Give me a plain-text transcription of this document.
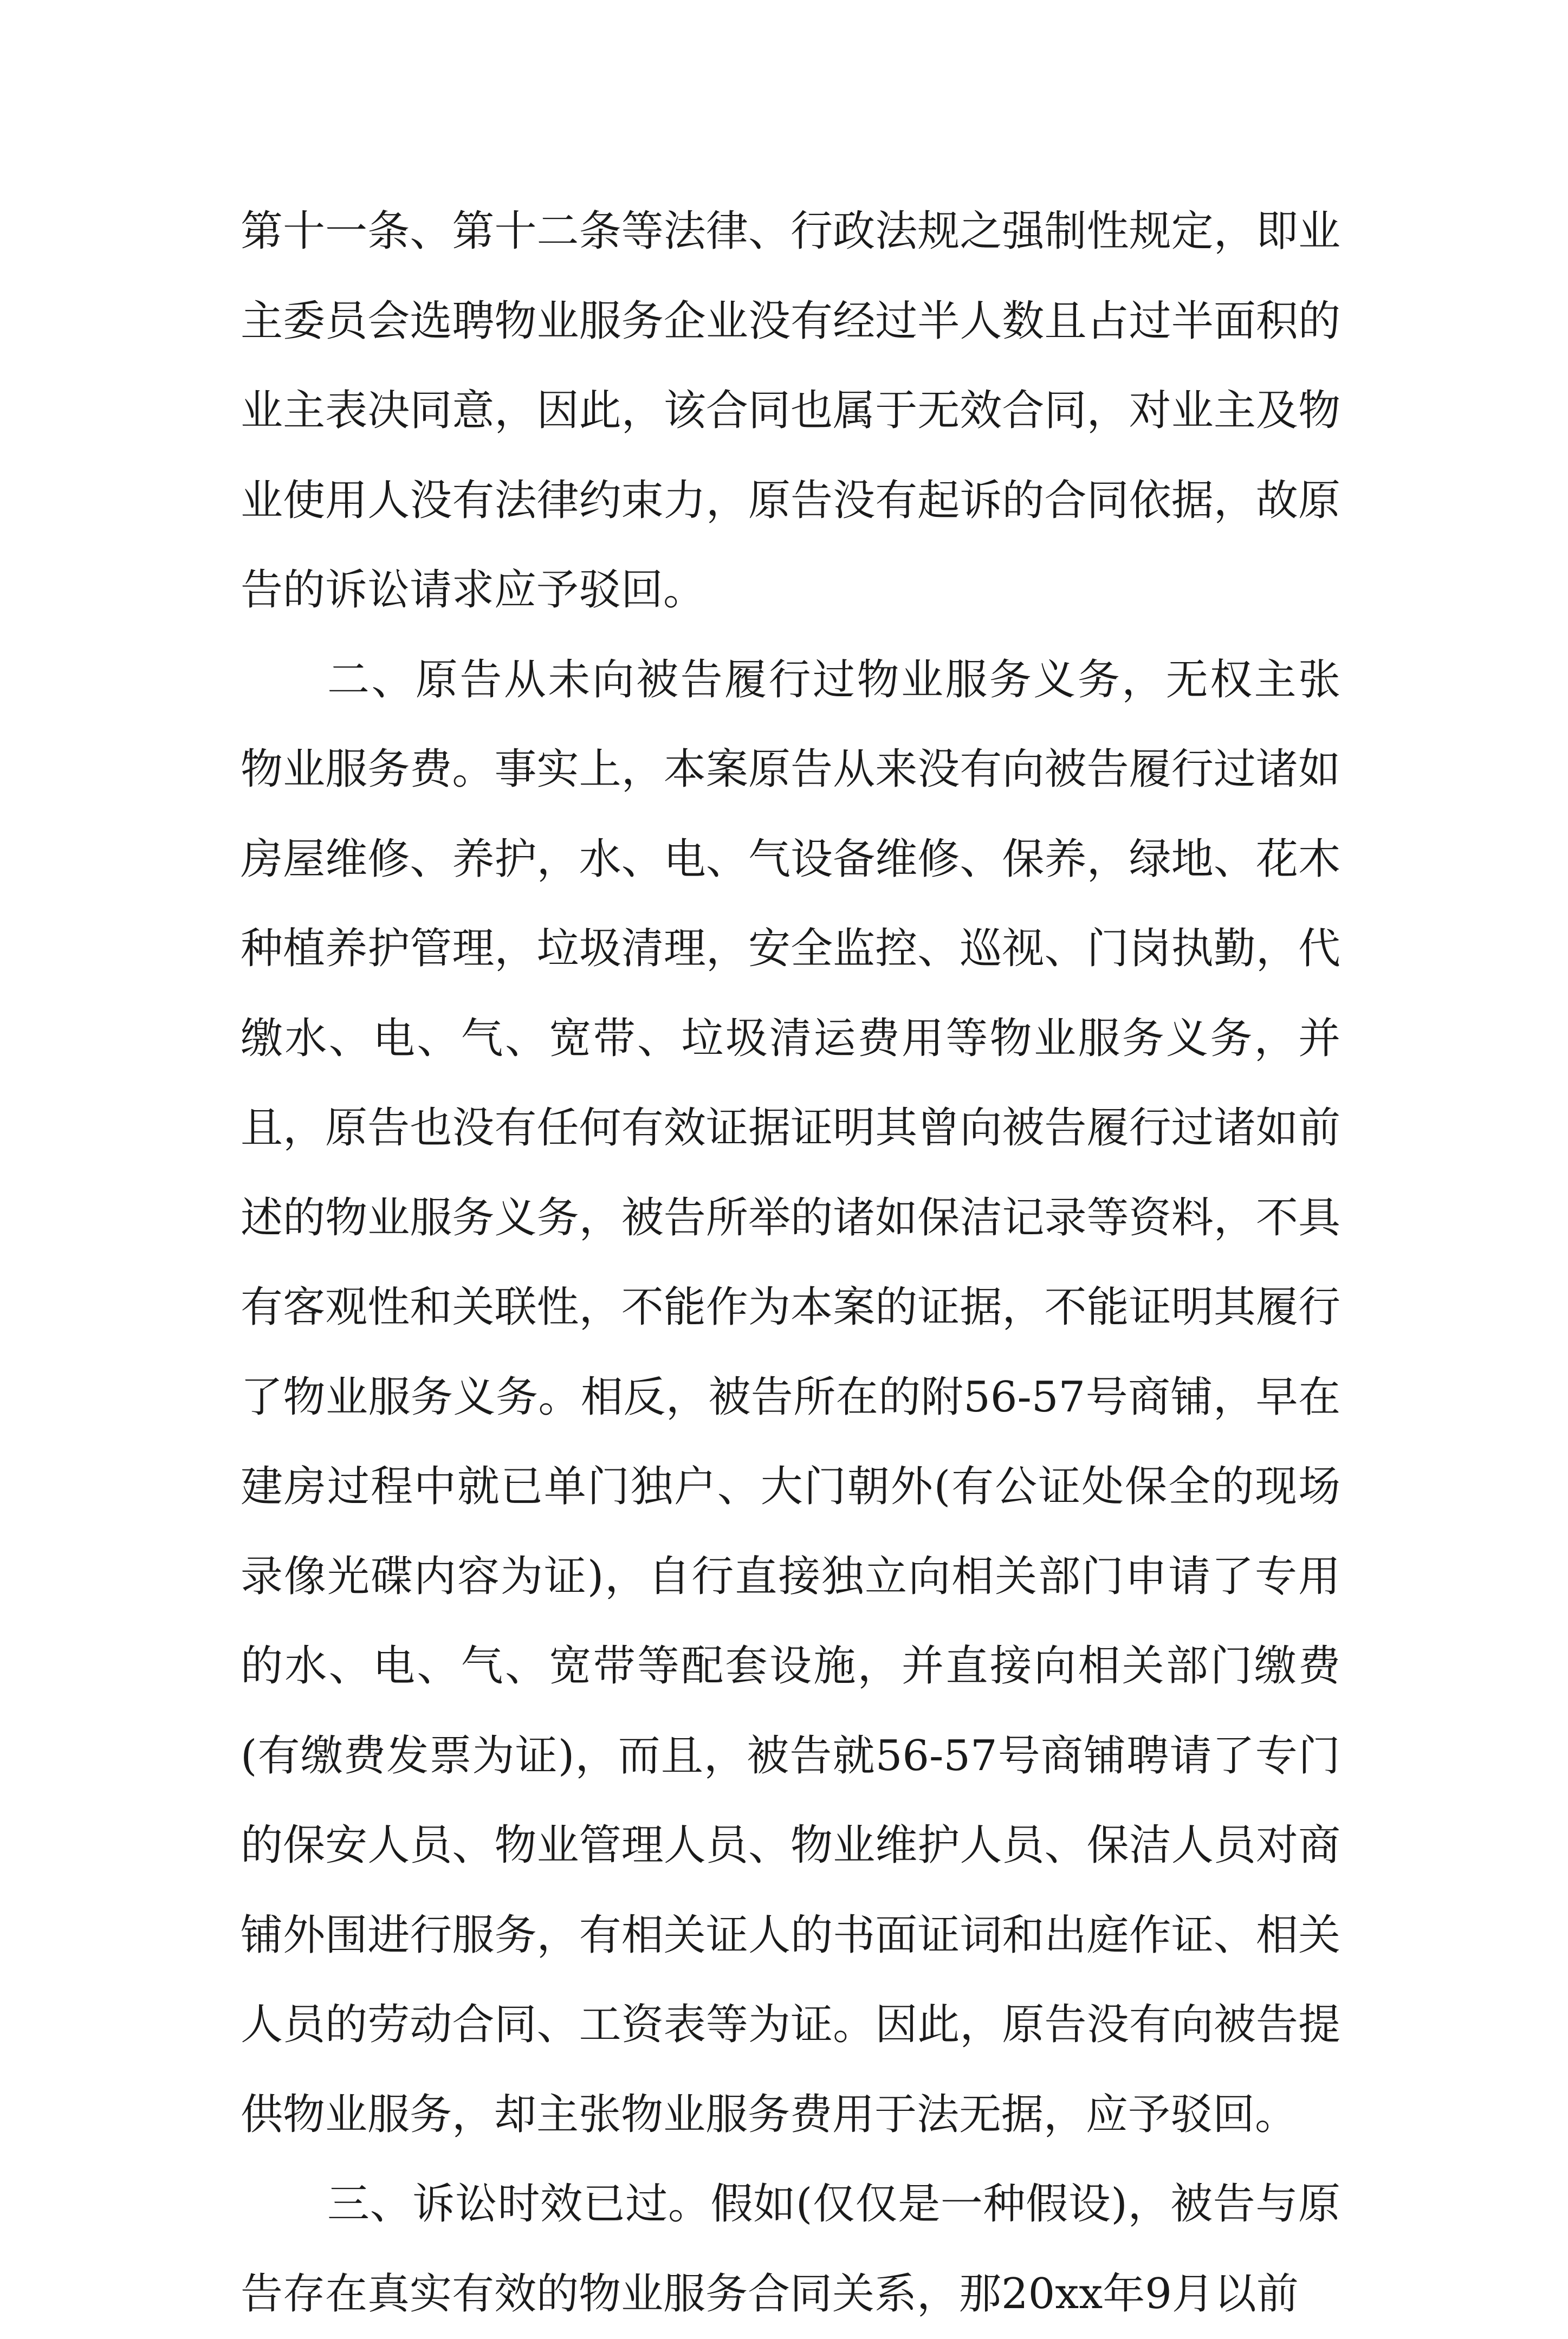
第十一条、第十二条等法律、行政法规之强制性规定，即业主委员会选聘物业服务企业没有经过半人数且占过半面积的业主表决同意，因此，该合同也属于无效合同，对业主及物业使用人没有法律约束力，原告没有起诉的合同依据，故原告的诉讼请求应予驳回。

二、原告从未向被告履行过物业服务义务，无权主张物业服务费。事实上，本案原告从来没有向被告履行过诸如房屋维修、养护，水、电、气设备维修、保养，绿地、花木种植养护管理，垃圾清理，安全监控、巡视、门岗执勤，代缴水、电、气、宽带、垃圾清运费用等物业服务义务，并且，原告也没有任何有效证据证明其曾向被告履行过诸如前述的物业服务义务，被告所举的诸如保洁记录等资料，不具有客观性和关联性，不能作为本案的证据，不能证明其履行了物业服务义务。相反，被告所在的附56-57号商铺，早在建房过程中就已单门独户、大门朝外(有公证处保全的现场录像光碟内容为证)，自行直接独立向相关部门申请了专用的水、电、气、宽带等配套设施，并直接向相关部门缴费(有缴费发票为证)，而且，被告就56-57号商铺聘请了专门的保安人员、物业管理人员、物业维护人员、保洁人员对商铺外围进行服务，有相关证人的书面证词和出庭作证、相关人员的劳动合同、工资表等为证。因此，原告没有向被告提供物业服务，却主张物业服务费用于法无据，应予驳回。

三、诉讼时效已过。假如(仅仅是一种假设)，被告与原告存在真实有效的物业服务合同关系，那20xx年9月以前
